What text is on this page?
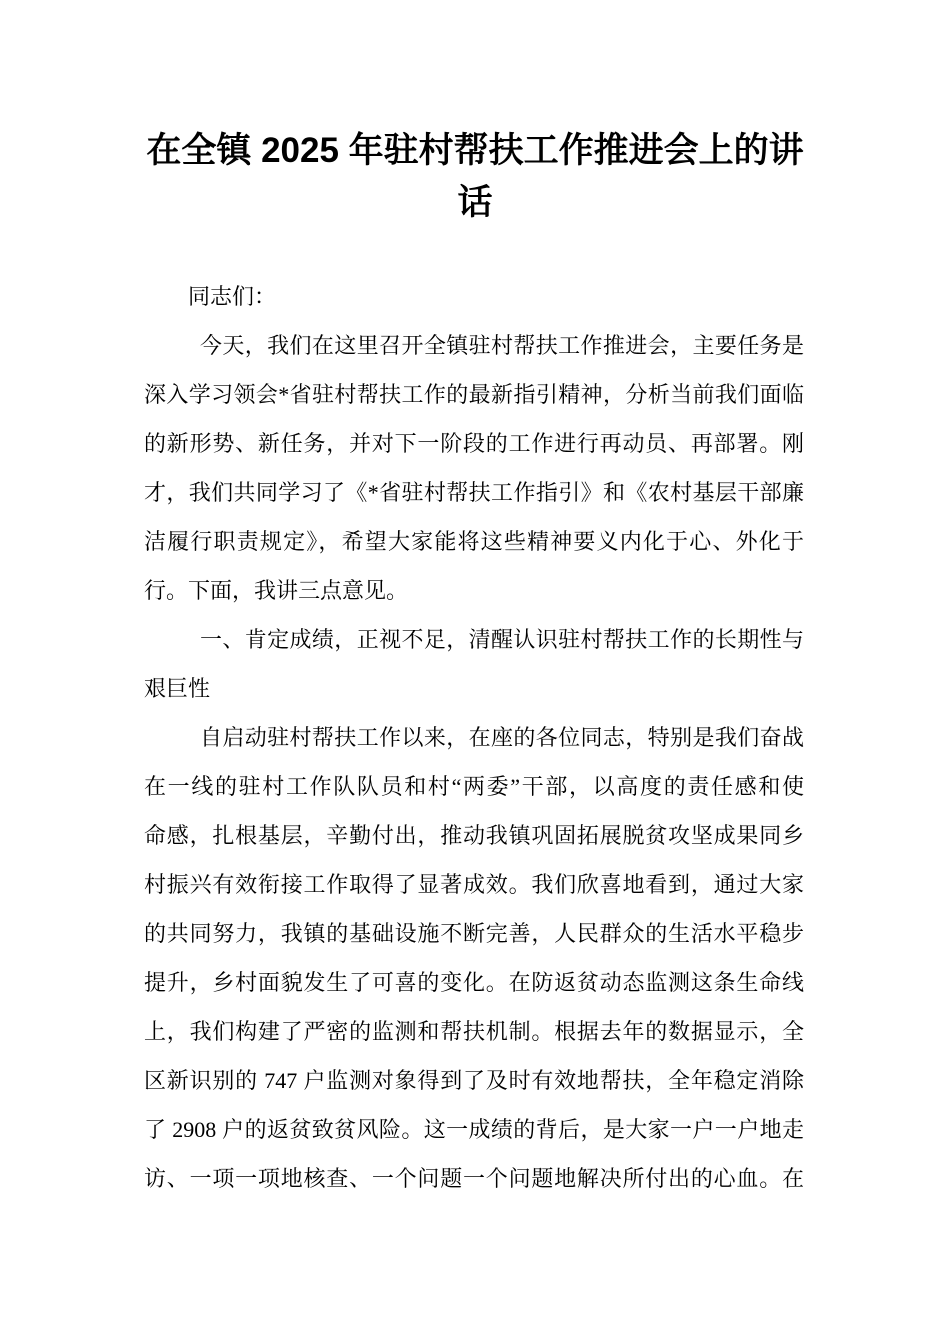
在全镇 2025 年驻村帮扶工作推进会上的讲
话
同志们：
今天，我们在这里召开全镇驻村帮扶工作推进会，主要任务是
深入学习领会*省驻村帮扶工作的最新指引精神，分析当前我们面临
的新形势、新任务，并对下一阶段的工作进行再动员、再部署。刚
才，我们共同学习了《*省驻村帮扶工作指引》和《农村基层干部廉
洁履行职责规定》，希望大家能将这些精神要义内化于心、外化于
行。下面，我讲三点意见。
一、肯定成绩，正视不足，清醒认识驻村帮扶工作的长期性与
艰巨性
自启动驻村帮扶工作以来，在座的各位同志，特别是我们奋战
在一线的驻村工作队队员和村“两委”干部，以高度的责任感和使
命感，扎根基层，辛勤付出，推动我镇巩固拓展脱贫攻坚成果同乡
村振兴有效衔接工作取得了显著成效。我们欣喜地看到，通过大家
的共同努力，我镇的基础设施不断完善，人民群众的生活水平稳步
提升，乡村面貌发生了可喜的变化。在防返贫动态监测这条生命线
上，我们构建了严密的监测和帮扶机制。根据去年的数据显示，全
区新识别的 747 户监测对象得到了及时有效地帮扶，全年稳定消除
了 2908 户的返贫致贫风险。这一成绩的背后，是大家一户一户地走
访、一项一项地核查、一个问题一个问题地解决所付出的心血。在
